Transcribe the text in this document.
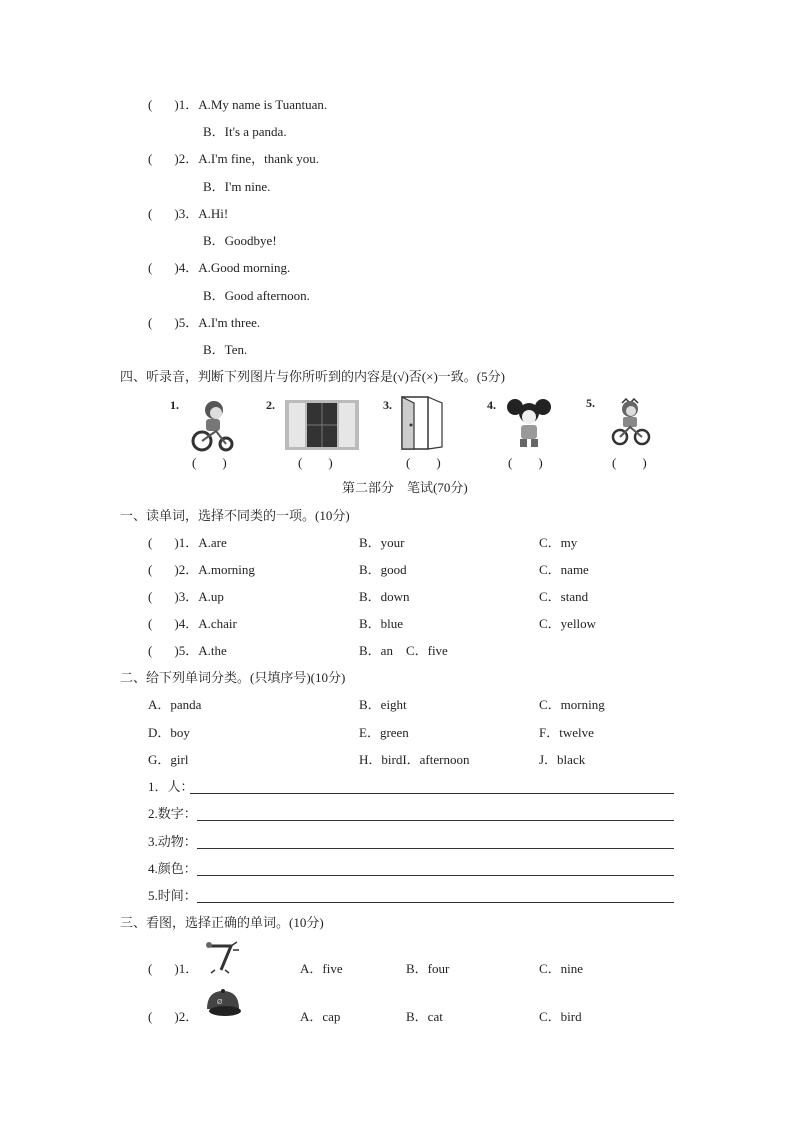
( )1．A.My name is Tuantuan.
B．It's a panda.
( )2．A.I'm fine，thank you.
B．I'm nine.
( )3．A.Hi!
B．Goodbye!
( )4．A.Good morning.
B．Good afternoon.
( )5．A.I'm three.
B．Ten.
四、听录音，判断下列图片与你所听到的内容是(√)否(×)一致。(5分)
1.
(　　)
2.
(　　)
3.
(　　)
4.
(　　)
5.
(　　)
第二部分　笔试(70分)
一、读单词，选择不同类的一项。(10分)
( )1．A.are	B．your	C．my
( )2．A.morning	B．good	C．name
( )3．A.up	B．down	C．stand
( )4．A.chair	B．blue	C．yellow
( )5．A.the	B．an　C．five
二、给下列单词分类。(只填序号)(10分)
A．panda	B．eight	C．morning
D．boy	E．green	F．twelve
G．girl	H．birdI．afternoon	J．black
1．人：
2.数字：
3.动物：
4.颜色：
5.时间：
三、看图，选择正确的单词。(10分)
( )1．	A．five	B．four	C．nine
( )2．
Ø
A．cap	B．cat	C．bird
